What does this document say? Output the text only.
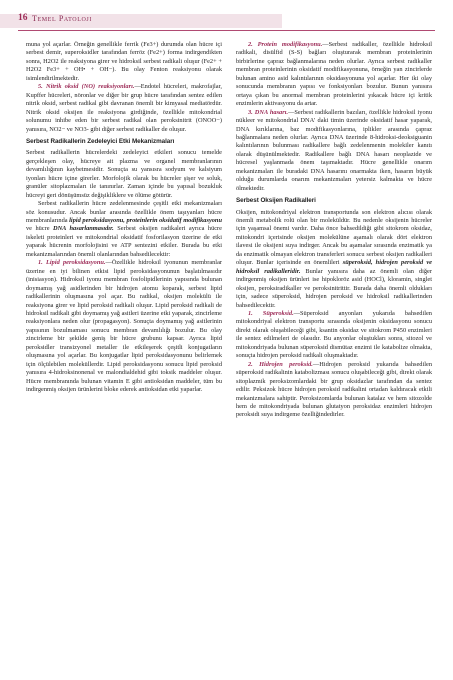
16 Temel Patoloji

muna yol açarlar. Örneğin genellikle ferrik (Fe3+) durumda olan hücre içi serbest demir, superoksidler tarafından ferröz (Fe2+) forma indirgendikten sonra, H2O2 ile reaksiyona girer ve hidroksil serbest radikali oluşur (Fe2+ + H2O2 Fe3+ + OH• + OH−). Bu olay Fenton reaksiyonu olarak isimlendirilmektedir.

5. Nitrik oksid (NO) reaksiyonları.—Endotel hücreleri, makrofajlar, Kupffer hücreleri, nöronlar ve diğer bir grup hücre tarafından sentez edilen nitrik oksid, serbest radikal gibi davranan önemli bir kimyasal mediatördür. Nitrik oksid oksijen ile reaksiyona girdiğinde, özellikle mitokondrial solunumu inhibe eden bir serbest radikal olan peroksinitrit (ONOO−) yanısıra, NO2− ve NO3- gibi diğer serbest radikaller de oluşur.

Serbest Radikallerin Zedeleyici Etki Mekanizmaları

Serbest radikallerin hücrelerdeki zedeleyici etkileri sonucu temelde gerçekleşen olay, hücreye ait plazma ve organel membranlarının devamlılığının kaybetmesidir. Sonuçta su yansısra sodyum ve kalsiyum iyonları hücre içine girerler. Morfolojik olarak bu hücreler şişer ve soluk, granüler sitoplazmaları ile tanınırlar. Zaman içinde bu yapısal bozukluk hücreyi geri dönüşümsüz değişikliklere ve ölüme götürür.

Serbest radikallerin hücre zedelenmesinde çeşitli etki mekanizmaları söz konusudur. Ancak bunlar arasında özellikle önem taşıyanları hücre membranlarında lipid peroksidasyonu, proteinlerin oksidatif modifikasyonu ve hücre DNA hasarlanmasıdır. Serbest oksijen radikaleri ayrıca hücre iskeleti proteinleri ve mitokondrial oksidatif fosforilasyon üzerine de etki yaparak hücrenin morfolojisini ve ATP sentezini etkiler. Burada bu etki mekanizmalarından önemli olanlarından bahsedilecektir:

1. Lipid peroksidasyonu.—Özellikle hidroksil iyonunun membranlar üzerine en iyi bilinen etkisi lipid peroksidasyonunun başlatılmasıdır (inisiasyon). Hidroksil iyonu membran fosfolipidlerinin yapısında bulunan doymamış yağ asidlerinden bir hidrojen atomu koparak, serbest lipid radikallerinin oluşmasına yol açar. Bu radikal, oksijen molekülü ile reaksiyona girer ve lipid peroksid radikali oluşur. Lipid peroksid radikali de hidroksil radikali gibi doymamış yağ asitleri üzerine etki yaparak, zincirleme reaksiyonlara neden olur (propagasyon). Sonuçta doymamış yağ asitlerinin yapısının bozulmaması sonucu membran devamlılığı bozulur. Bu olay zincirleme bir şekilde geniş bir hücre grubunu kapsar. Ayrıca lipid peroksidler transizyonel metaller ile etkileşerek çeşitli konjugatların oluşmasına yol açarlar. Bu konjugatlar lipid peroksidasyonunu belirlemek için ölçülebilen moleküllerdir. Lipid peroksidasyonu sonucu lipid peroksid yanısıra 4-hidroksinonenal ve malondialdehid gibi toksik maddeler oluşur. Hücre membranında bulunan vitamin E gibi antioksidan maddeler, tüm bu indirgenmiş oksijen ürünlerini bloke ederek antioksidan etki yaparlar.

2. Protein modifikasyonu.—Serbest radikaller, özellikle hidroksil radikali, disülfid (S-S) bağları oluşturarak membran proteinlerinin birbirlerine çapraz bağlanmalarına neden olurlar. Ayrıca serbest radikaller membran proteinlerinin oksidatif modifikasyonuna, örneğin yan zincirlerde bulunan amino asid kalıntılarının oksidasyonuna yol açarlar. Her iki olay sonucunda membranın yapısı ve fonksiyonları bozulur. Bunun yanısıra ortaya çıkan bu anormal membran proteinlerini yıkacak hücre içi kritik enzimlerin aktivasyonu da artar.

3. DNA hasarı.—Serbest radikallerin bazıları, özellikle hidroksil iyonu nükleer ve mitokondrial DNA' daki timin üzerinde oksidatif hasar yaparak, DNA kırıklarına, baz modifikasyonlarına, iplikler arasında çapraz bağlanmalara neden olurlar. Ayrıca DNA üzerinde 8-hidroksi-deoksiguanin kalıntılarının bulunması radikallere bağlı zedelenmenin molekiler kanıtı olarak düşünülmektedir. Radikallere bağlı DNA hasarı neoplazide ve hücresel yaşlanmada önem taşımaktadır. Hücre genellikle onarım mekanizmaları ile buradaki DNA hasarını onarmakta iken, hasarın büyük olduğu durumlarda onarım mekanizmaları yetersiz kalmakta ve hücre ölmektedir.

Serbest Oksijen Radikalleri

Oksijen, mitokondriyal elektron transportunda son elektron alıcısı olarak önemli metabolik rolü olan bir moleküldür. Bu nedenle oksijenin hücreler için yaşamsal önemi vardır. Daha önce bahsedildiği gibi sitokrom oksidaz, mitokondri içerisinde oksijen molekülüne aşamalı olarak dört elektron ilavesi ile oksijeni suya indirger. Ancak bu aşamalar sırasında enzimatik ya da enzimatik olmayan elektron transferleri sonucu serbest oksijen radikalleri oluşur. Bunlar içerisinde en önemlileri süperoksid, hidrojen peroksid ve hidroksil radikalleridir. Bunlar yanısıra daha az önemli olan diğer indirgenmiş oksijen ürünleri ise hipokloröz asid (HOCl), kloramin, singlet oksijen, peroksiradikaller ve peroksinitrittir. Burada daha önemli oldukları için, sadece süperoksid, hidrojen peroksid ve hidroksil radikallerinden bahsedilecektir.

1. Süperoksid.—Süperoksid anyonları yukarıda bahsedilen mitokondriyal elektron transportu sırasında oksijenin oksidasyonu sonucu direkt olarak oluşabileceği gibi, ksantin oksidaz ve sitokrom P450 enzimleri ile sentez edilmeleri de olasıdır. Bu anyonlar oluştukları sonra, sitozol ve mitokondriyada bulunan süperoksid dismütaz enzimi ile katabolize olmakta, sonuçta hidrojen peroksid radikali oluşmaktadır.

2. Hidrojen peroksid.—Hidrojen peroksid yukarıda bahsedilen süperoksid radikalinin katabolizması sonucu oluşabileceği gibi, direkt olarak sitoplazmik peroksizomlardaki bir grup oksidazlar tarafından da sentez edilir. Peksizok hücre hidrojen peroksid radikalini ortadan kaldıracak etkili mekanizmalara sahiptir. Peroksizomlarda bulunan katalaz ve hem sitozolde hem de mitokondriyada bulunan glutatyon peroksidaz enzimleri hidrojen peroksidi suya indirgeme özelliğindedirler.
